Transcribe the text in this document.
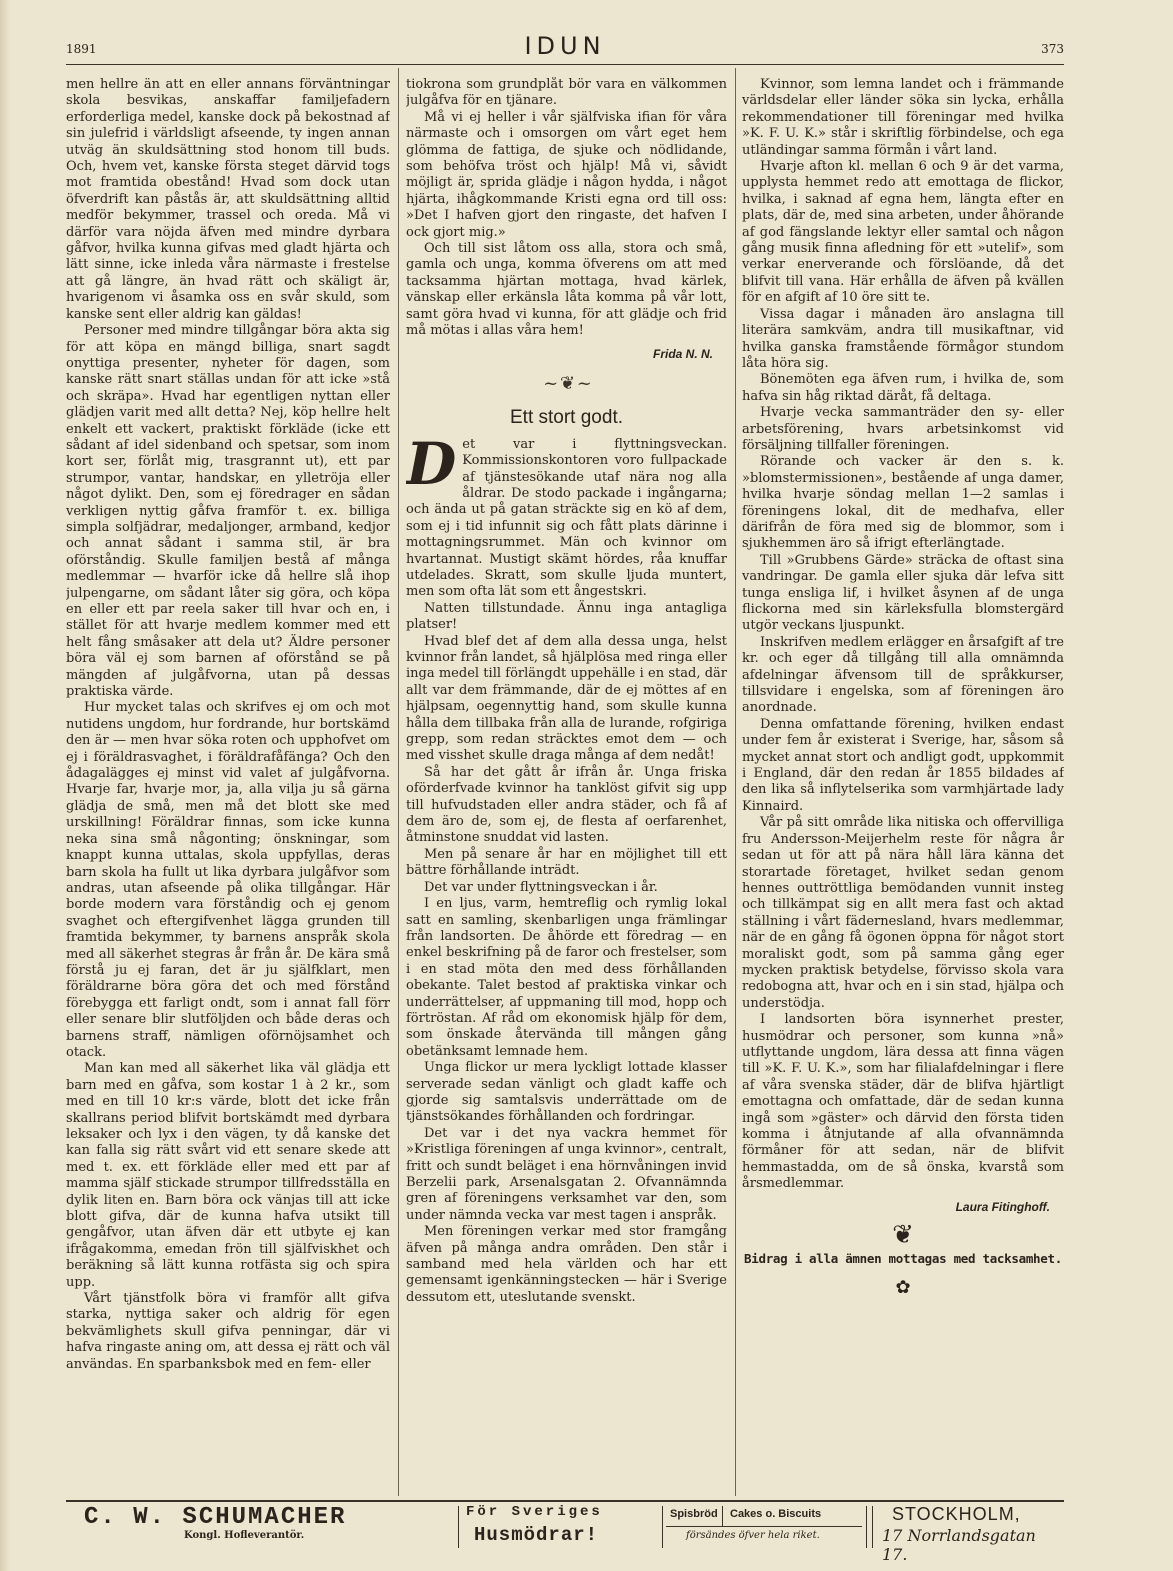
1891	IDUN	373

men hellre än att en eller annans förväntningar skola besvikas, anskaffar familjefadern erforderliga medel, kanske dock på bekostnad af sin julefrid i världsligt afseende, ty ingen annan utväg än skuldsättning stod honom till buds. Och, hvem vet, kanske första steget därvid togs mot framtida obestånd! Hvad som dock utan öfverdrift kan påstås är, att skuldsättning alltid medför bekymmer, trassel och oreda. Må vi därför vara nöjda äfven med mindre dyrbara gåfvor, hvilka kunna gifvas med gladt hjärta och lätt sinne, icke inleda våra närmaste i frestelse att gå längre, än hvad rätt och skäligt är, hvarigenom vi åsamka oss en svår skuld, som kanske sent eller aldrig kan gäldas!

Personer med mindre tillgångar böra akta sig för att köpa en mängd billiga, snart sagdt onyttiga presenter, nyheter för dagen, som kanske rätt snart ställas undan för att icke »stå och skräpa». Hvad har egentligen nyttan eller glädjen varit med allt detta? Nej, köp hellre helt enkelt ett vackert, praktiskt förkläde (icke ett sådant af idel sidenband och spetsar, som inom kort ser, förlåt mig, trasgrannt ut), ett par strumpor, vantar, handskar, en ylletröja eller något dylikt. Den, som ej föredrager en sådan verkligen nyttig gåfva framför t. ex. billiga simpla solfjädrar, medaljonger, armband, kedjor och annat sådant i samma stil, är bra oförståndig. Skulle familjen bestå af många medlemmar — hvarför icke då hellre slå ihop julpengarne, om sådant låter sig göra, och köpa en eller ett par reela saker till hvar och en, i stället för att hvarje medlem kommer med ett helt fång småsaker att dela ut? Äldre personer böra väl ej som barnen af oförstånd se på mängden af julgåfvorna, utan på dessas praktiska värde.

Hur mycket talas och skrifves ej om och mot nutidens ungdom, hur fordrande, hur bortskämd den är — men hvar söka roten och upphofvet om ej i föräldrasvaghet, i föräldrafåfänga? Och den ådagalägges ej minst vid valet af julgåfvorna. Hvarje far, hvarje mor, ja, alla vilja ju så gärna glädja de små, men må det blott ske med urskillning! Föräldrar finnas, som icke kunna neka sina små någonting; önskningar, som knappt kunna uttalas, skola uppfyllas, deras barn skola ha fullt ut lika dyrbara julgåfvor som andras, utan afseende på olika tillgångar. Här borde modern vara förståndig och ej genom svaghet och eftergifvenhet lägga grunden till framtida bekymmer, ty barnens anspråk skola med all säkerhet stegras år från år. De kära små förstå ju ej faran, det är ju själfklart, men föräldrarne böra göra det och med förstånd förebygga ett farligt ondt, som i annat fall förr eller senare blir slutföljden och både deras och barnens straff, nämligen oförnöjsamhet och otack.

Man kan med all säkerhet lika väl glädja ett barn med en gåfva, som kostar 1 à 2 kr., som med en till 10 kr:s värde, blott det icke från skallrans period blifvit bortskämdt med dyrbara leksaker och lyx i den vägen, ty då kanske det kan falla sig rätt svårt vid ett senare skede att med t. ex. ett förkläde eller med ett par af mamma själf stickade strumpor tillfredsställa en dylik liten en. Barn böra ock vänjas till att icke blott gifva, där de kunna hafva utsikt till gengåfvor, utan äfven där ett utbyte ej kan ifrågakomma, emedan frön till själfviskhet och beräkning så lätt kunna rotfästa sig och spira upp.

Vårt tjänstfolk böra vi framför allt gifva starka, nyttiga saker och aldrig för egen bekvämlighets skull gifva penningar, där vi hafva ringaste aning om, att dessa ej rätt och väl användas. En sparbanksbok med en fem- eller

tiokrona som grundplåt bör vara en välkommen julgåfva för en tjänare.

Må vi ej heller i vår själfviska ifian för våra närmaste och i omsorgen om vårt eget hem glömma de fattiga, de sjuke och nödlidande, som behöfva tröst och hjälp! Må vi, såvidt möjligt är, sprida glädje i någon hydda, i något hjärta, ihågkommande Kristi egna ord till oss: »Det I hafven gjort den ringaste, det hafven I ock gjort mig.»

Och till sist låtom oss alla, stora och små, gamla och unga, komma öfverens om att med tacksamma hjärtan mottaga, hvad kärlek, vänskap eller erkänsla låta komma på vår lott, samt göra hvad vi kunna, för att glädje och frid må mötas i allas våra hem!

Frida N. N.
~ ❦ ~
Ett stort godt.

Det var i flyttningsveckan. Kommissionskontoren voro fullpackade af tjänstesökande utaf nära nog alla åldrar. De stodo packade i ingångarna; och ända ut på gatan sträckte sig en kö af dem, som ej i tid infunnit sig och fått plats därinne i mottagningsrummet. Män och kvinnor om hvartannat. Mustigt skämt hördes, råa knuffar utdelades. Skratt, som skulle ljuda muntert, men som ofta lät som ett ångestskri.

Natten tillstundade. Ännu inga antagliga platser!

Hvad blef det af dem alla dessa unga, helst kvinnor från landet, så hjälplösa med ringa eller inga medel till förlängdt uppehälle i en stad, där allt var dem främmande, där de ej möttes af en hjälpsam, oegennyttig hand, som skulle kunna hålla dem tillbaka från alla de lurande, rofgiriga grepp, som redan sträcktes emot dem — och med visshet skulle draga många af dem nedåt!

Så har det gått år ifrån år. Unga friska oförderfvade kvinnor ha tanklöst gifvit sig upp till hufvudstaden eller andra städer, och få af dem äro de, som ej, de flesta af oerfarenhet, åtminstone snuddat vid lasten.

Men på senare år har en möjlighet till ett bättre förhållande inträdt.

Det var under flyttningsveckan i år.

I en ljus, varm, hemtreflig och rymlig lokal satt en samling, skenbarligen unga främlingar från landsorten. De åhörde ett föredrag — en enkel beskrifning på de faror och frestelser, som i en stad möta den med dess förhållanden obekante. Talet bestod af praktiska vinkar och underrättelser, af uppmaning till mod, hopp och förtröstan. Af råd om ekonomisk hjälp för dem, som önskade återvända till mången gång obetänksamt lemnade hem.

Unga flickor ur mera lyckligt lottade klasser serverade sedan vänligt och gladt kaffe och gjorde sig samtalsvis underrättade om de tjänstsökandes förhållanden och fordringar.

Det var i det nya vackra hemmet för »Kristliga föreningen af unga kvinnor», centralt, fritt och sundt beläget i ena hörnvåningen invid Berzelii park, Arsenalsgatan 2. Ofvannämnda gren af föreningens verksamhet var den, som under nämnda vecka var mest tagen i anspråk.

Men föreningen verkar med stor framgång äfven på många andra områden. Den står i samband med hela världen och har ett gemensamt igenkänningstecken — här i Sverige dessutom ett, uteslutande svenskt.

Kvinnor, som lemna landet och i främmande världsdelar eller länder söka sin lycka, erhålla rekommendationer till föreningar med hvilka »K. F. U. K.» står i skriftlig förbindelse, och ega utländingar samma förmån i vårt land.

Hvarje afton kl. mellan 6 och 9 är det varma, upplysta hemmet redo att emottaga de flickor, hvilka, i saknad af egna hem, längta efter en plats, där de, med sina arbeten, under åhörande af god fängslande lektyr eller samtal och någon gång musik finna afledning för ett »utelif», som verkar enerverande och förslöande, då det blifvit till vana. Här erhålla de äfven på kvällen för en afgift af 10 öre sitt te.

Vissa dagar i månaden äro anslagna till literära samkväm, andra till musikaftnar, vid hvilka ganska framstående förmågor stundom låta höra sig.

Bönemöten ega äfven rum, i hvilka de, som hafva sin håg riktad däråt, få deltaga.

Hvarje vecka sammanträder den sy- eller arbetsförening, hvars arbetsinkomst vid försäljning tillfaller föreningen.

Rörande och vacker är den s. k. »blomstermissionen», bestående af unga damer, hvilka hvarje söndag mellan 1—2 samlas i föreningens lokal, dit de medhafva, eller därifrån de föra med sig de blommor, som i sjukhemmen äro så ifrigt efterlängtade.

Till »Grubbens Gärde» sträcka de oftast sina vandringar. De gamla eller sjuka där lefva sitt tunga ensliga lif, i hvilket åsynen af de unga flickorna med sin kärleksfulla blomstergärd utgör veckans ljuspunkt.

Inskrifven medlem erlägger en årsafgift af tre kr. och eger då tillgång till alla omnämnda afdelningar äfvensom till de språkkurser, tillsvidare i engelska, som af föreningen äro anordnade.

Denna omfattande förening, hvilken endast under fem år existerat i Sverige, har, såsom så mycket annat stort och andligt godt, uppkommit i England, där den redan år 1855 bildades af den lika så inflytelserika som varmhjärtade lady Kinnaird.

Vår på sitt område lika nitiska och offervilliga fru Andersson-Meijerhelm reste för några år sedan ut för att på nära håll lära känna det storartade företaget, hvilket sedan genom hennes outtröttliga bemödanden vunnit insteg och tillkämpat sig en allt mera fast och aktad ställning i vårt fädernesland, hvars medlemmar, när de en gång få ögonen öppna för något stort moraliskt godt, som på samma gång eger mycken praktisk betydelse, förvisso skola vara redobogna att, hvar och en i sin stad, hjälpa och understödja.

I landsorten böra isynnerhet prester, husmödrar och personer, som kunna »nå» utflyttande ungdom, lära dessa att finna vägen till »K. F. U. K.», som har filialafdelningar i flere af våra svenska städer, där de blifva hjärtligt emottagna och omfattade, där de sedan kunna ingå som »gäster» och därvid den första tiden komma i åtnjutande af alla ofvannämnda förmåner för att sedan, när de blifvit hemmastadda, om de så önska, kvarstå som årsmedlemmar.

Laura Fitinghoff.
❦
Bidrag i alla ämnen mottagas med tacksamhet.
✿
C. W. SCHUMACHER
Kongl. Hofleverantör.
För Sveriges
Husmödrar!
Spisbröd Cakes o. Biscuits
försändes öfver hela riket.
STOCKHOLM,
17 Norrlandsgatan 17.
